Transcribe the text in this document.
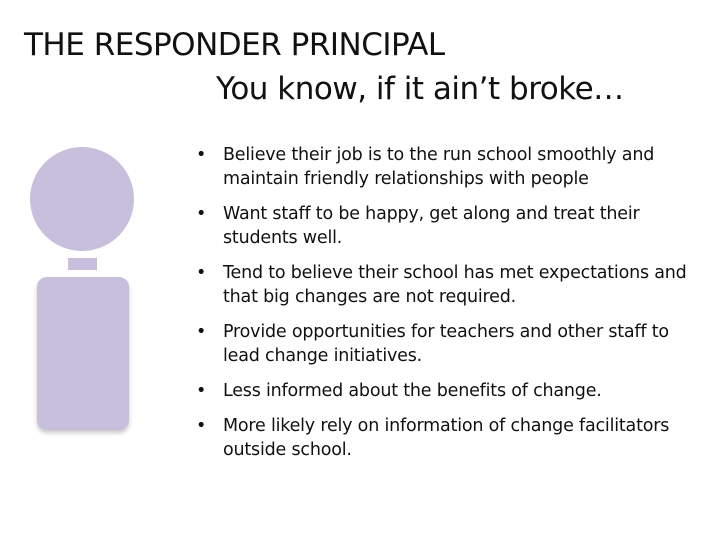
THE RESPONDER PRINCIPAL
You know, if it ain’t broke…
• Believe their job is to the run school smoothly and maintain friendly relationships with people
• Want staff to be happy, get along and treat their students well.
• Tend to believe their school has met expectations and that big changes are not required.
• Provide opportunities for teachers and other staff to lead change initiatives.
• Less informed about the benefits of change.
• More likely rely on information of change facilitators outside school.
